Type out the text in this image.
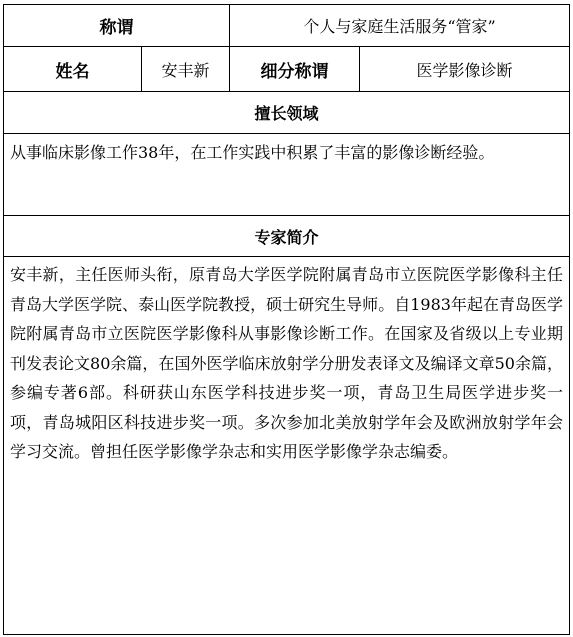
称谓		个人与家庭生活服务“管家”	
姓名	安丰新	细分称谓	医学影像诊断
擅长领域			
从事临床影像工作38年，在工作实践中积累了丰富的影像诊断经验。			
专家简介			
安丰新，主任医师头衔，原青岛大学医学院附属青岛市立医院医学影像科主任青岛大学医学院、泰山医学院教授，硕士研究生导师。自1983年起在青岛医学院附属青岛市立医院医学影像科从事影像诊断工作。在国家及省级以上专业期刊发表论文80余篇，在国外医学临床放射学分册发表译文及编译文章50余篇，参编专著6部。科研获山东医学科技进步奖一项，青岛卫生局医学进步奖一项，青岛城阳区科技进步奖一项。多次参加北美放射学年会及欧洲放射学年会学习交流。曾担任医学影像学杂志和实用医学影像学杂志编委。			
